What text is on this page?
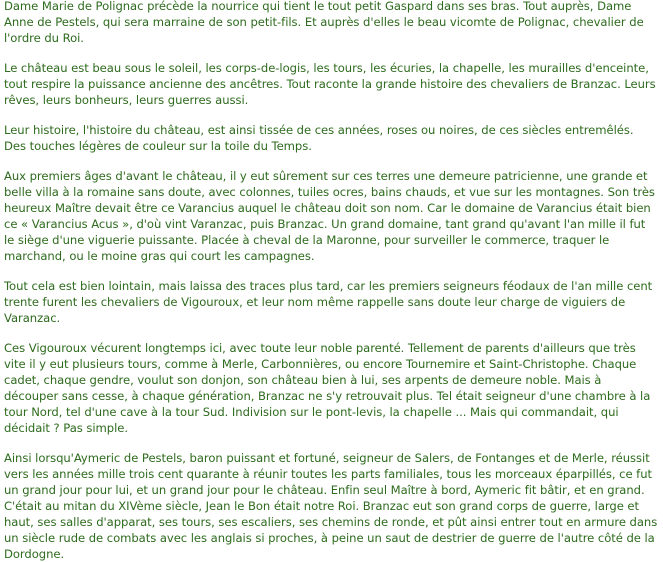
Dame Marie de Polignac précède la nourrice qui tient le tout petit Gaspard dans ses bras. Tout auprès, Dame Anne de Pestels, qui sera marraine de son petit-fils. Et auprès d'elles le beau vicomte de Polignac, chevalier de l'ordre du Roi.

Le château est beau sous le soleil, les corps-de-logis, les tours, les écuries, la chapelle, les murailles d'enceinte, tout respire la puissance ancienne des ancêtres. Tout raconte la grande histoire des chevaliers de Branzac. Leurs rêves, leurs bonheurs, leurs guerres aussi.

Leur histoire, l'histoire du château, est ainsi tissée de ces années, roses ou noires, de ces siècles entremêlés. Des touches légères de couleur sur la toile du Temps.

Aux premiers âges d'avant le château, il y eut sûrement sur ces terres une demeure patricienne, une grande et belle villa à la romaine sans doute, avec colonnes, tuiles ocres, bains chauds, et vue sur les montagnes. Son très heureux Maître devait être ce Varancius auquel le château doit son nom. Car le domaine de Varancius était bien ce « Varancius Acus », d'où vint Varanzac, puis Branzac. Un grand domaine, tant grand qu'avant l'an mille il fut le siège d'une viguerie puissante. Placée à cheval de la Maronne, pour surveiller le commerce, traquer le marchand, ou le moine gras qui court les campagnes.

Tout cela est bien lointain, mais laissa des traces plus tard, car les premiers seigneurs féodaux de l'an mille cent trente furent les chevaliers de Vigouroux, et leur nom même rappelle sans doute leur charge de viguiers de Varanzac.

Ces Vigouroux vécurent longtemps ici, avec toute leur noble parenté. Tellement de parents d'ailleurs que très vite il y eut plusieurs tours, comme à Merle, Carbonnières, ou encore Tournemire et Saint-Christophe. Chaque cadet, chaque gendre, voulut son donjon, son château bien à lui, ses arpents de demeure noble. Mais à découper sans cesse, à chaque génération, Branzac ne s'y retrouvait plus. Tel était seigneur d'une chambre à la tour Nord, tel d'une cave à la tour Sud. Indivision sur le pont-levis, la chapelle ... Mais qui commandait, qui décidait ? Pas simple.

Ainsi lorsqu'Aymeric de Pestels, baron puissant et fortuné, seigneur de Salers, de Fontanges et de Merle, réussit vers les années mille trois cent quarante à réunir toutes les parts familiales, tous les morceaux éparpillés, ce fut un grand jour pour lui, et un grand jour pour le château. Enfin seul Maître à bord, Aymeric fit bâtir, et en grand. C'était au mitan du XIVème siècle, Jean le Bon était notre Roi. Branzac eut son grand corps de guerre, large et haut, ses salles d'apparat, ses tours, ses escaliers, ses chemins de ronde, et pût ainsi entrer tout en armure dans un siècle rude de combats avec les anglais si proches, à peine un saut de destrier de guerre de l'autre côté de la Dordogne.
